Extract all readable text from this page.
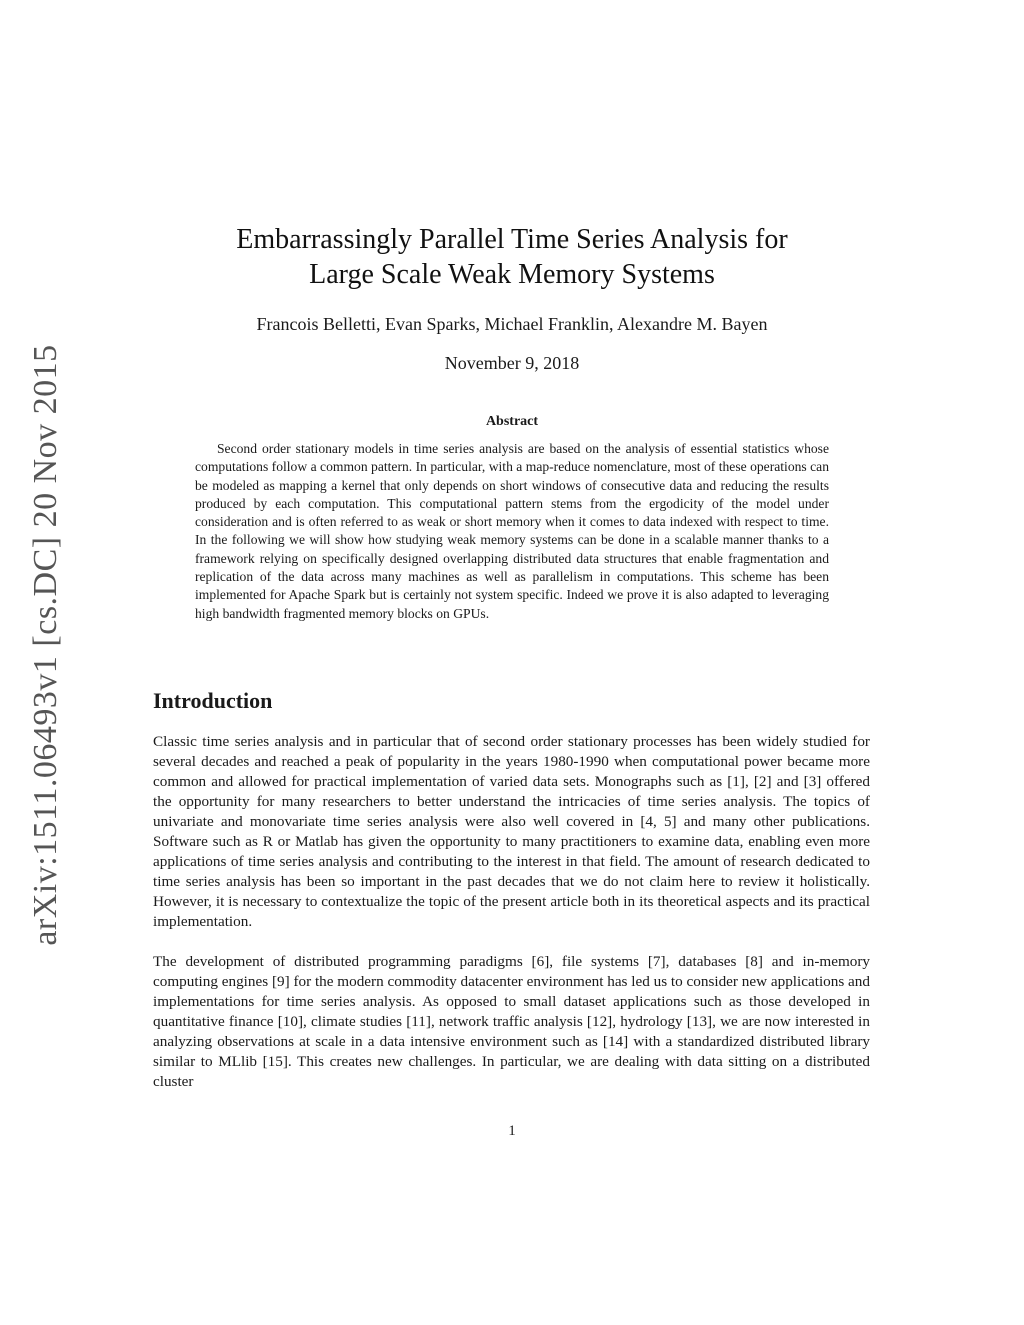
arXiv:1511.06493v1 [cs.DC] 20 Nov 2015
Embarrassingly Parallel Time Series Analysis for
Large Scale Weak Memory Systems
Francois Belletti, Evan Sparks, Michael Franklin, Alexandre M. Bayen
November 9, 2018
Abstract

Second order stationary models in time series analysis are based on the analysis of essential statistics whose computations follow a common pattern. In particular, with a map-reduce nomenclature, most of these operations can be modeled as mapping a kernel that only depends on short windows of consecutive data and reducing the results produced by each computation. This computational pattern stems from the ergodicity of the model under consideration and is often referred to as weak or short memory when it comes to data indexed with respect to time. In the following we will show how studying weak memory systems can be done in a scalable manner thanks to a framework relying on specifically designed overlapping distributed data structures that enable fragmentation and replication of the data across many machines as well as parallelism in computations. This scheme has been implemented for Apache Spark but is certainly not system specific. Indeed we prove it is also adapted to leveraging high bandwidth fragmented memory blocks on GPUs.

Introduction

Classic time series analysis and in particular that of second order stationary processes has been widely studied for several decades and reached a peak of popularity in the years 1980-1990 when computational power became more common and allowed for practical implementation of varied data sets. Monographs such as [1], [2] and [3] offered the opportunity for many researchers to better understand the intricacies of time series analysis. The topics of univariate and monovariate time series analysis were also well covered in [4, 5] and many other publications. Software such as R or Matlab has given the opportunity to many practitioners to examine data, enabling even more applications of time series analysis and contributing to the interest in that field. The amount of research dedicated to time series analysis has been so important in the past decades that we do not claim here to review it holistically. However, it is necessary to contextualize the topic of the present article both in its theoretical aspects and its practical implementation.

The development of distributed programming paradigms [6], file systems [7], databases [8] and in-memory computing engines [9] for the modern commodity datacenter environment has led us to consider new applications and implementations for time series analysis. As opposed to small dataset applications such as those developed in quantitative finance [10], climate studies [11], network traffic analysis [12], hydrology [13], we are now interested in analyzing observations at scale in a data intensive environment such as [14] with a standardized distributed library similar to MLlib [15]. This creates new challenges. In particular, we are dealing with data sitting on a distributed cluster

1
